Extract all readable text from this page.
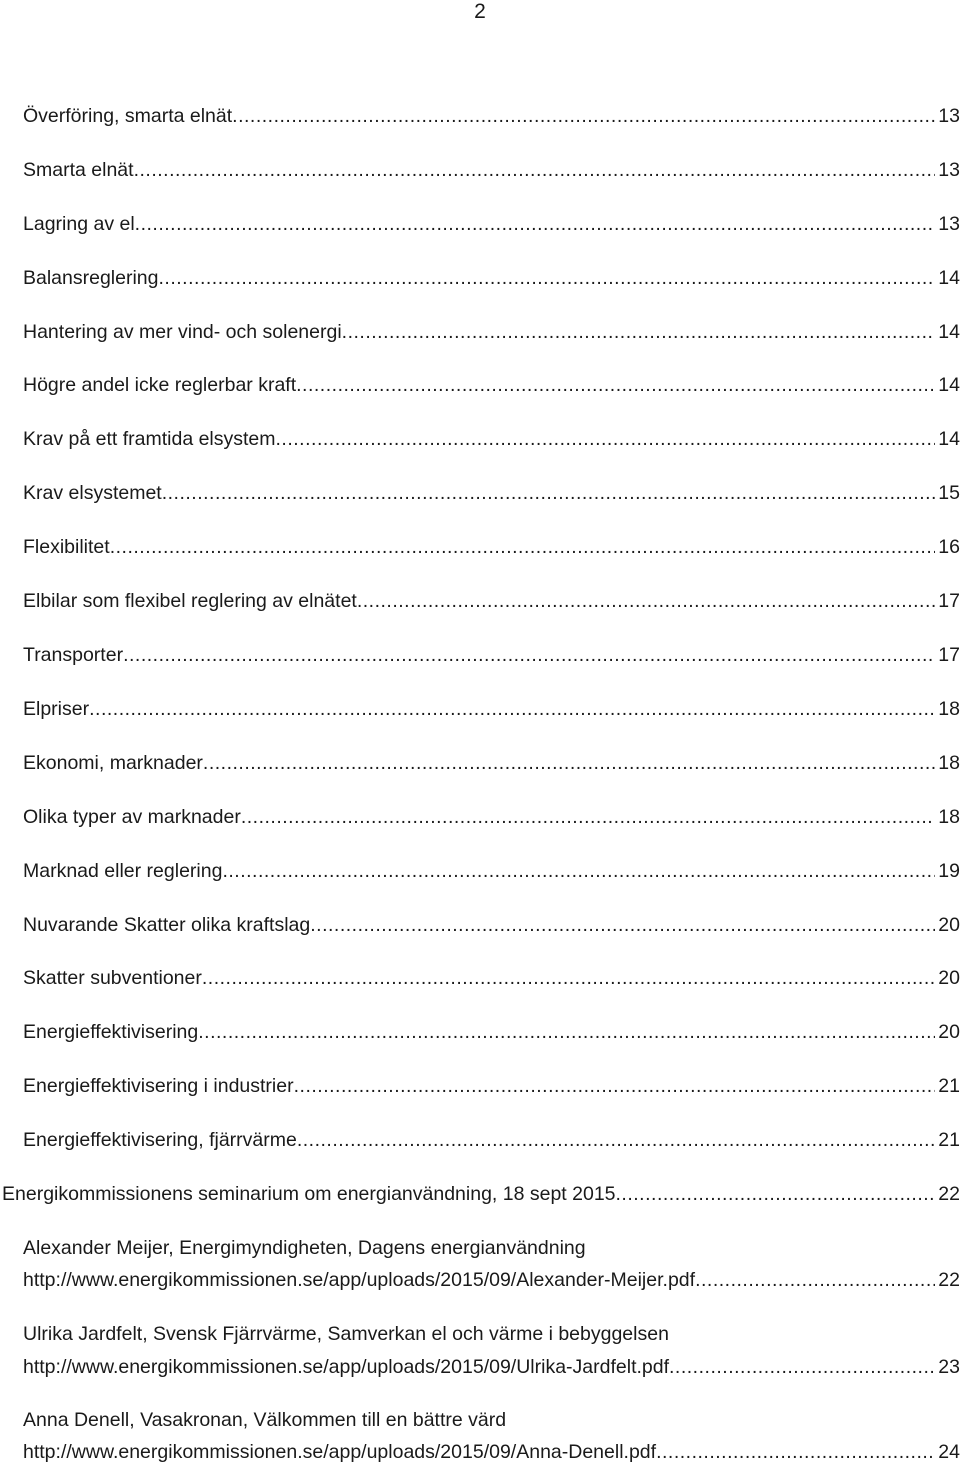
2
Överföring, smarta elnät .....	13
Smarta elnät .....	13
Lagring av el .....	13
Balansreglering .....	14
Hantering av mer vind- och solenergi .....	14
Högre andel icke reglerbar kraft .....	14
Krav på ett framtida elsystem .....	14
Krav elsystemet .....	15
Flexibilitet .....	16
Elbilar som flexibel reglering av elnätet .....	17
Transporter .....	17
Elpriser .....	18
Ekonomi, marknader .....	18
Olika typer av marknader .....	18
Marknad eller reglering .....	19
Nuvarande Skatter olika kraftslag .....	20
Skatter subventioner .....	20
Energieffektivisering .....	20
Energieffektivisering i industrier .....	21
Energieffektivisering, fjärrvärme .....	21
Energikommissionens seminarium om energianvändning, 18 sept 2015 .....	22
Alexander Meijer, Energimyndigheten, Dagens energianvändning
http://www.energikommissionen.se/app/uploads/2015/09/Alexander-Meijer.pdf .....	22
Ulrika Jardfelt, Svensk Fjärrvärme, Samverkan el och värme i bebyggelsen
http://www.energikommissionen.se/app/uploads/2015/09/Ulrika-Jardfelt.pdf .....	23
Anna Denell, Vasakronan, Välkommen till en bättre värd
http://www.energikommissionen.se/app/uploads/2015/09/Anna-Denell.pdf .....	24
